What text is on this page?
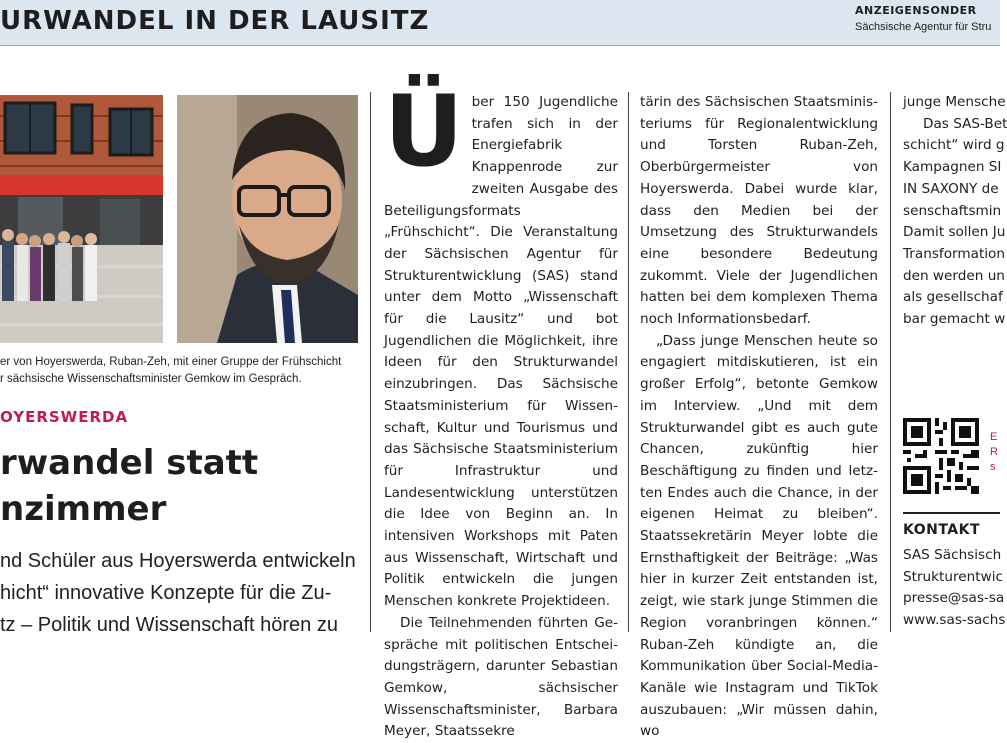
URWANDEL IN DER LAUSITZ	ANZEIGENSONDER
Sächsische Agentur für Stru
er von Hoyerswerda, Ruban-Zeh, mit einer Gruppe der Frühschicht
r sächsische Wissenschaftsminister Gemkow im Gespräch.
OYERSWERDA
rwandel statt
nzimmer
nd Schüler aus Hoyerswerda entwickeln
hicht“ innovative Konzepte für die Zu-
tz – Politik und Wissenschaft hören zu
Ü ber 150 Jugendliche trafen sich in der Energiefabrik Knappenrode zur zweiten Ausgabe des Beteiligungsformats „Frühschicht“. Die Veranstaltung der Sächsischen Agentur für Strukturentwicklung (SAS) stand unter dem Motto „Wissenschaft für die Lausitz“ und bot Jugendlichen die Möglichkeit, ihre Ideen für den Strukturwandel einzubringen. Das Sächsische Staatsministerium für Wissenschaft, Kultur und Tourismus und das Sächsische Staatsministerium für Infrastruktur und Landesentwicklung unterstützen die Idee von Beginn an. In intensiven Workshops mit Paten aus Wissenschaft, Wirtschaft und Politik entwickeln die jungen Menschen konkrete Projektideen.

Die Teilnehmenden führten Gespräche mit politischen Entscheidungsträgern, darunter Sebastian Gemkow, sächsischer Wissenschaftsminister, Barbara Meyer, Staatssekre

tärin des Sächsischen Staatsministeriums für Regionalentwicklung und Torsten Ruban-Zeh, Oberbürgermeister von Hoyerswerda. Dabei wurde klar, dass den Medien bei der Umsetzung des Strukturwandels eine besondere Bedeutung zukommt. Viele der Jugendlichen hatten bei dem komplexen Thema noch Informationsbedarf.

„Dass junge Menschen heute so engagiert mitdiskutieren, ist ein großer Erfolg“, betonte Gemkow im Interview. „Und mit dem Strukturwandel gibt es auch gute Chancen, zukünftig hier Beschäftigung zu finden und letzten Endes auch die Chance, in der eigenen Heimat zu bleiben“. Staatssekretärin Meyer lobte die Ernsthaftigkeit der Beiträge: „Was hier in kurzer Zeit entstanden ist, zeigt, wie stark junge Stimmen die Region voranbringen können.“ Ruban-Zeh kündigte an, die Kommunikation über Social-Media-Kanäle wie Instagram und TikTok auszubauen: „Wir müssen dahin, wo

junge Mensche

Das SAS-Bet

schicht“ wird g

Kampagnen SI

IN SAXONY de

senschaftsmin

Damit sollen Ju

Transformation

den werden un

als gesellschaf

bar gemacht w

E
R
s
KONTAKT
SAS Sächsisch
Strukturentwic
presse@sas-sa
www.sas-sachs
